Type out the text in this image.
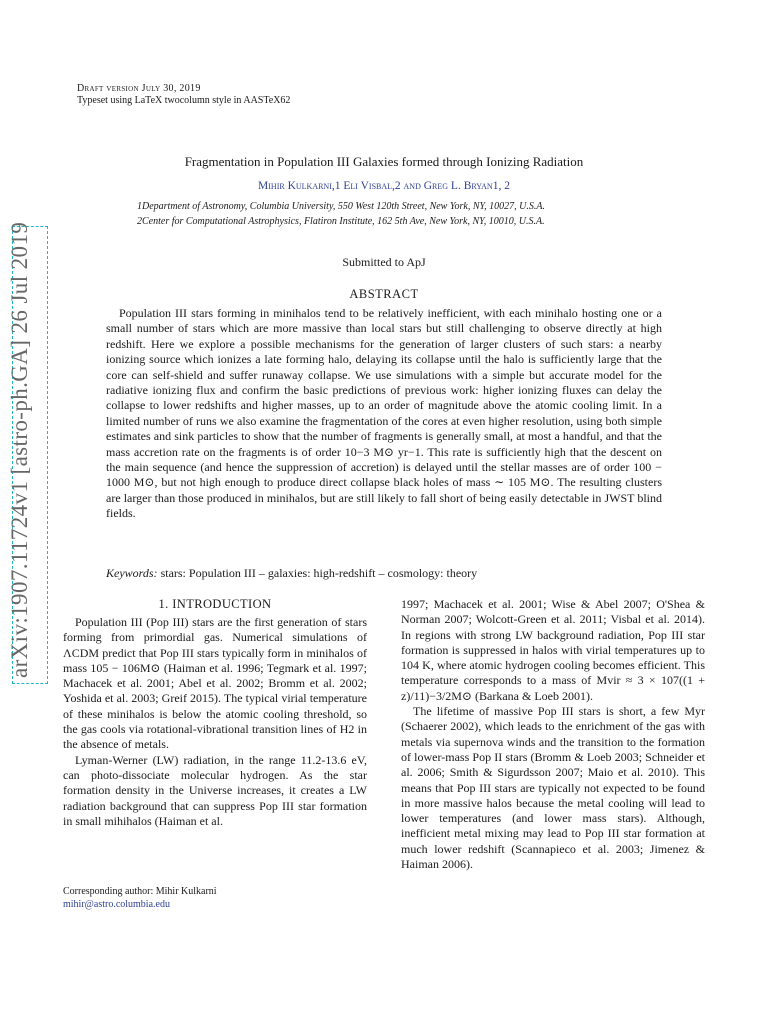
arXiv:1907.11724v1 [astro-ph.GA] 26 Jul 2019
Draft version July 30, 2019
Typeset using LaTeX twocolumn style in AASTeX62
Fragmentation in Population III Galaxies formed through Ionizing Radiation
Mihir Kulkarni,1 Eli Visbal,2 and Greg L. Bryan1, 2
1Department of Astronomy, Columbia University, 550 West 120th Street, New York, NY, 10027, U.S.A.
2Center for Computational Astrophysics, Flatiron Institute, 162 5th Ave, New York, NY, 10010, U.S.A.
Submitted to ApJ
ABSTRACT
Population III stars forming in minihalos tend to be relatively inefficient, with each minihalo hosting one or a small number of stars which are more massive than local stars but still challenging to observe directly at high redshift. Here we explore a possible mechanisms for the generation of larger clusters of such stars: a nearby ionizing source which ionizes a late forming halo, delaying its collapse until the halo is sufficiently large that the core can self-shield and suffer runaway collapse. We use simulations with a simple but accurate model for the radiative ionizing flux and confirm the basic predictions of previous work: higher ionizing fluxes can delay the collapse to lower redshifts and higher masses, up to an order of magnitude above the atomic cooling limit. In a limited number of runs we also examine the fragmentation of the cores at even higher resolution, using both simple estimates and sink particles to show that the number of fragments is generally small, at most a handful, and that the mass accretion rate on the fragments is of order 10−3 M⊙ yr−1. This rate is sufficiently high that the descent on the main sequence (and hence the suppression of accretion) is delayed until the stellar masses are of order 100 − 1000 M⊙, but not high enough to produce direct collapse black holes of mass ∼ 105 M⊙. The resulting clusters are larger than those produced in minihalos, but are still likely to fall short of being easily detectable in JWST blind fields.
Keywords: stars: Population III – galaxies: high-redshift – cosmology: theory
1. INTRODUCTION

Population III (Pop III) stars are the first generation of stars forming from primordial gas. Numerical simulations of ΛCDM predict that Pop III stars typically form in minihalos of mass 105 − 106M⊙ (Haiman et al. 1996; Tegmark et al. 1997; Machacek et al. 2001; Abel et al. 2002; Bromm et al. 2002; Yoshida et al. 2003; Greif 2015). The typical virial temperature of these minihalos is below the atomic cooling threshold, so the gas cools via rotational-vibrational transition lines of H2 in the absence of metals.

Lyman-Werner (LW) radiation, in the range 11.2-13.6 eV, can photo-dissociate molecular hydrogen. As the star formation density in the Universe increases, it creates a LW radiation background that can suppress Pop III star formation in small mihihalos (Haiman et al.

1997; Machacek et al. 2001; Wise & Abel 2007; O'Shea & Norman 2007; Wolcott-Green et al. 2011; Visbal et al. 2014). In regions with strong LW background radiation, Pop III star formation is suppressed in halos with virial temperatures up to 104 K, where atomic hydrogen cooling becomes efficient. This temperature corresponds to a mass of Mvir ≈ 3 × 107((1 + z)/11)−3/2M⊙ (Barkana & Loeb 2001).

The lifetime of massive Pop III stars is short, a few Myr (Schaerer 2002), which leads to the enrichment of the gas with metals via supernova winds and the transition to the formation of lower-mass Pop II stars (Bromm & Loeb 2003; Schneider et al. 2006; Smith & Sigurdsson 2007; Maio et al. 2010). This means that Pop III stars are typically not expected to be found in more massive halos because the metal cooling will lead to lower temperatures (and lower mass stars). Although, inefficient metal mixing may lead to Pop III star formation at much lower redshift (Scannapieco et al. 2003; Jimenez & Haiman 2006).

Corresponding author: Mihir Kulkarni
mihir@astro.columbia.edu
